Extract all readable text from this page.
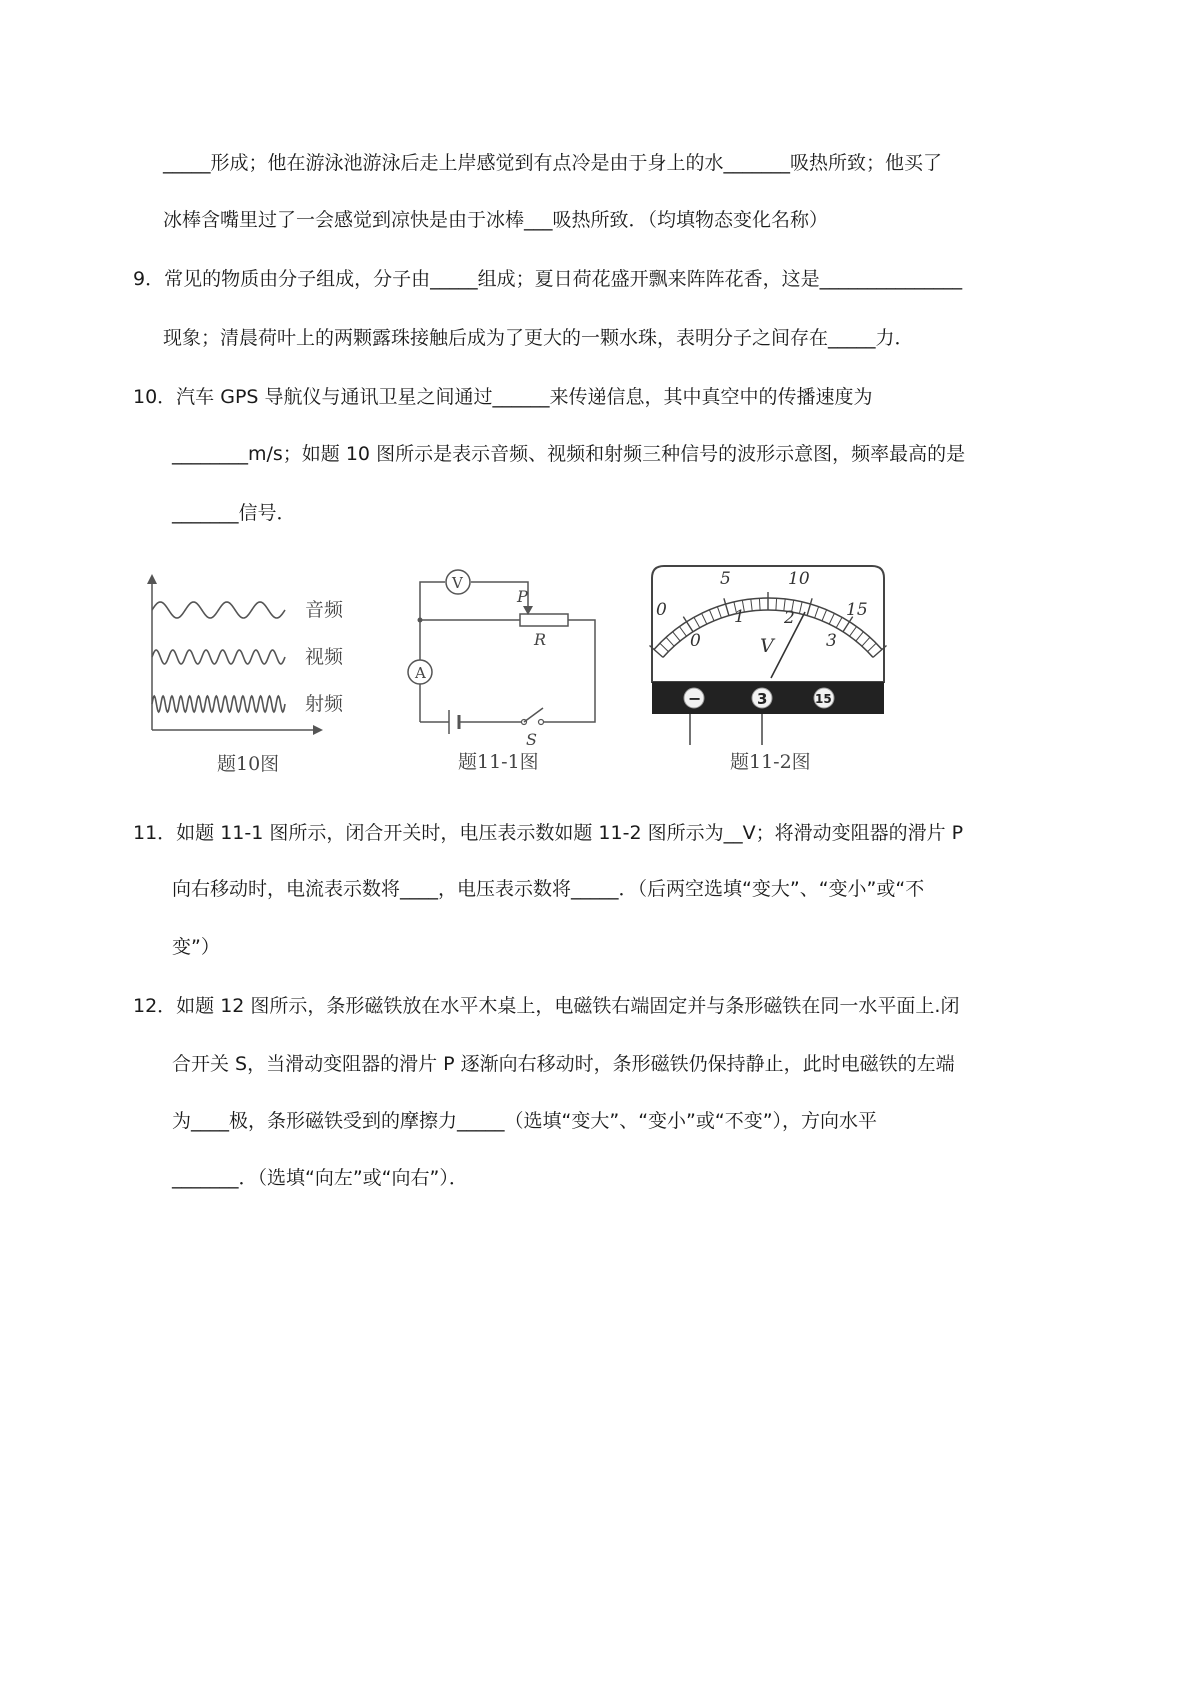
_____形成；他在游泳池游泳后走上岸感觉到有点冷是由于身上的水_______吸热所致；他买了
冰棒含嘴里过了一会感觉到凉快是由于冰棒___吸热所致．（均填物态变化名称）
9．常见的物质由分子组成，分子由_____组成；夏日荷花盛开飘来阵阵花香，这是_______________
现象；清晨荷叶上的两颗露珠接触后成为了更大的一颗水珠，表明分子之间存在_____力．
10．汽车 GPS 导航仪与通讯卫星之间通过______来传递信息，其中真空中的传播速度为
________m/s；如题 10 图所示是表示音频、视频和射频三种信号的波形示意图，频率最高的是
_______信号．
音频
视频
射频
题10图
V
A
P
R
S
题11-1图
0
5	10
15
0
1 2
3
V
−	3	15
题11-2图
11．如题 11-1 图所示，闭合开关时，电压表示数如题 11-2 图所示为__V；将滑动变阻器的滑片 P
向右移动时，电流表示数将____，电压表示数将_____．（后两空选填“变大”、“变小”或“不
变”）
12．如题 12 图所示，条形磁铁放在水平木桌上，电磁铁右端固定并与条形磁铁在同一水平面上.闭
合开关 S，当滑动变阻器的滑片 P 逐渐向右移动时，条形磁铁仍保持静止，此时电磁铁的左端
为____极，条形磁铁受到的摩擦力_____（选填“变大”、“变小”或“不变”），方向水平
_______．（选填“向左”或“向右”）．
